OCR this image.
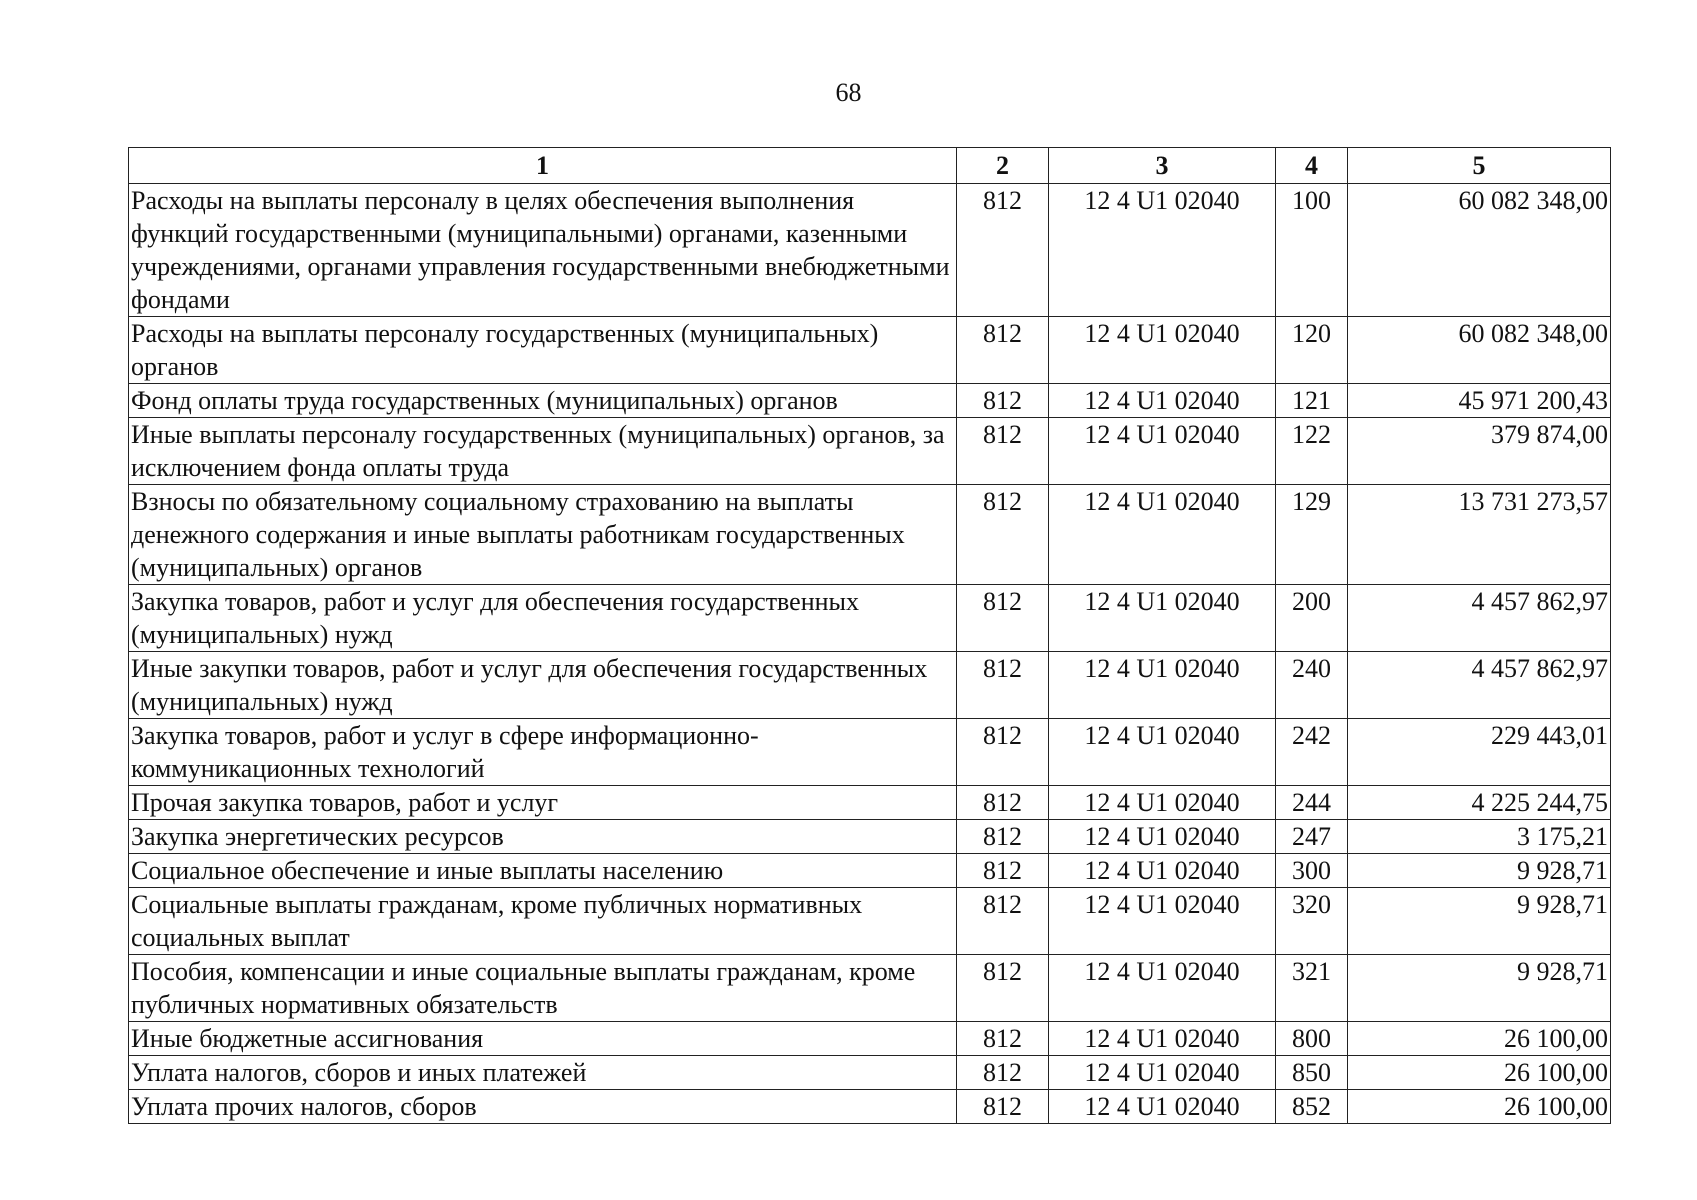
68
1	2	3	4	5
Расходы на выплаты персоналу в целях обеспечения выполнения функций государственными (муниципальными) органами, казенными учреждениями, органами управления государственными внебюджетными фондами	812	12 4 U1 02040	100	60 082 348,00
Расходы на выплаты персоналу государственных (муниципальных) органов	812	12 4 U1 02040	120	60 082 348,00
Фонд оплаты труда государственных (муниципальных) органов	812	12 4 U1 02040	121	45 971 200,43
Иные выплаты персоналу государственных (муниципальных) органов, за исключением фонда оплаты труда	812	12 4 U1 02040	122	379 874,00
Взносы по обязательному социальному страхованию на выплаты денежного содержания и иные выплаты работникам государственных (муниципальных) органов	812	12 4 U1 02040	129	13 731 273,57
Закупка товаров, работ и услуг для обеспечения государственных (муниципальных) нужд	812	12 4 U1 02040	200	4 457 862,97
Иные закупки товаров, работ и услуг для обеспечения государственных (муниципальных) нужд	812	12 4 U1 02040	240	4 457 862,97
Закупка товаров, работ и услуг в сфере информационно-коммуникационных технологий	812	12 4 U1 02040	242	229 443,01
Прочая закупка товаров, работ и услуг	812	12 4 U1 02040	244	4 225 244,75
Закупка энергетических ресурсов	812	12 4 U1 02040	247	3 175,21
Социальное обеспечение и иные выплаты населению	812	12 4 U1 02040	300	9 928,71
Социальные выплаты гражданам, кроме публичных нормативных социальных выплат	812	12 4 U1 02040	320	9 928,71
Пособия, компенсации и иные социальные выплаты гражданам, кроме публичных нормативных обязательств	812	12 4 U1 02040	321	9 928,71
Иные бюджетные ассигнования	812	12 4 U1 02040	800	26 100,00
Уплата налогов, сборов и иных платежей	812	12 4 U1 02040	850	26 100,00
Уплата прочих налогов, сборов	812	12 4 U1 02040	852	26 100,00
